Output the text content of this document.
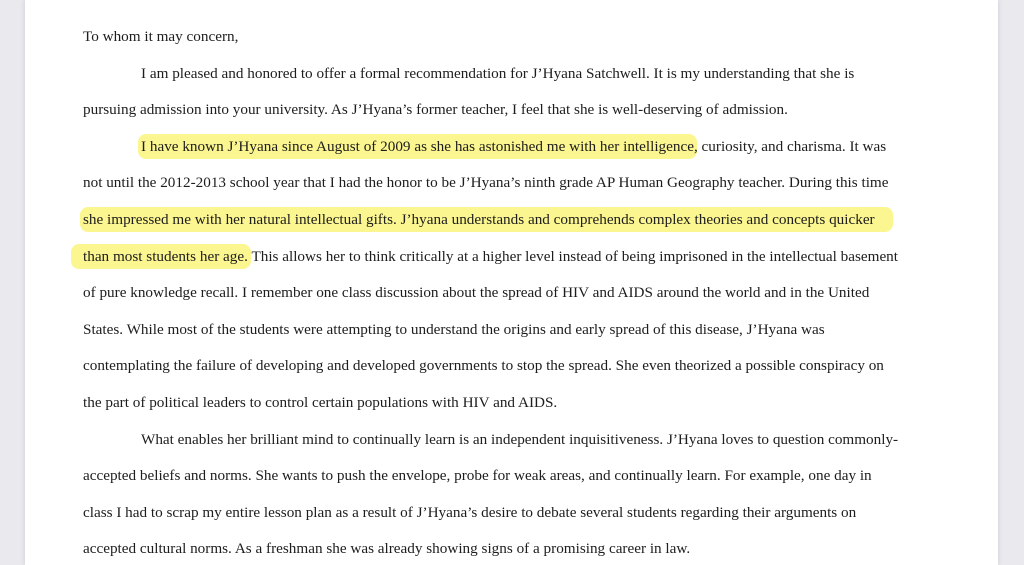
To whom it may concern,
I am pleased and honored to offer a formal recommendation for J’Hyana Satchwell. It is my understanding that she is
pursuing admission into your university. As J’Hyana’s former teacher, I feel that she is well-deserving of admission.
I have known J’Hyana since August of 2009 as she has astonished me with her intelligence, curiosity, and charisma. It was
not until the 2012-2013 school year that I had the honor to be J’Hyana’s ninth grade AP Human Geography teacher. During this time
she impressed me with her natural intellectual gifts. J’hyana understands and comprehends complex theories and concepts quicker
than most students her age. This allows her to think critically at a higher level instead of being imprisoned in the intellectual basement
of pure knowledge recall. I remember one class discussion about the spread of HIV and AIDS around the world and in the United
States. While most of the students were attempting to understand the origins and early spread of this disease, J’Hyana was
contemplating the failure of developing and developed governments to stop the spread. She even theorized a possible conspiracy on
the part of political leaders to control certain populations with HIV and AIDS.
What enables her brilliant mind to continually learn is an independent inquisitiveness. J’Hyana loves to question commonly-
accepted beliefs and norms. She wants to push the envelope, probe for weak areas, and continually learn. For example, one day in
class I had to scrap my entire lesson plan as a result of J’Hyana’s desire to debate several students regarding their arguments on
accepted cultural norms. As a freshman she was already showing signs of a promising career in law.
